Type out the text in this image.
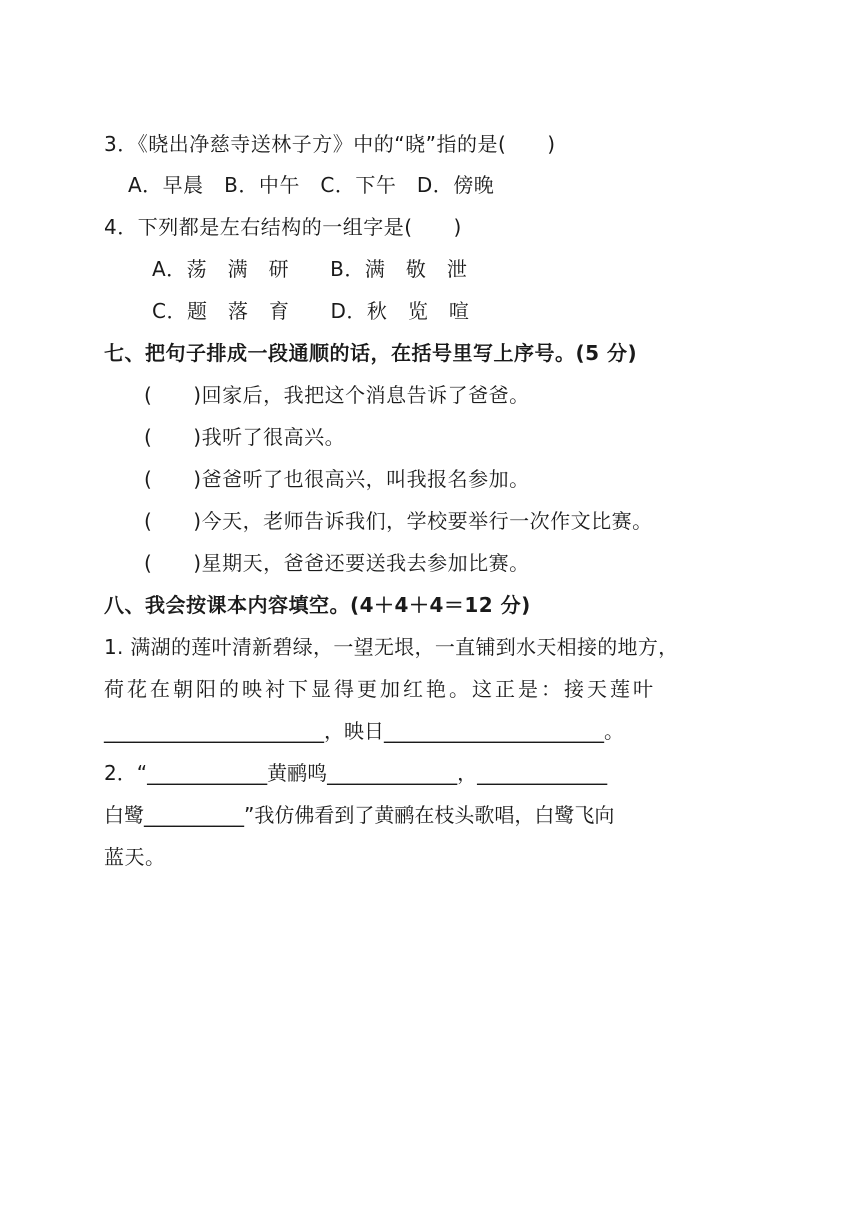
3．《晓出净慈寺送林子方》中的“晓”指的是(　　)
A．早晨　B．中午　C．下午　D．傍晚
4．下列都是左右结构的一组字是(　　)
A．荡　满　研　　B．满　敬　泄
C．题　落　育　　D．秋　览　喧
七、把句子排成一段通顺的话，在括号里写上序号。(5 分)
(　　)回家后，我把这个消息告诉了爸爸。
(　　)我听了很高兴。
(　　)爸爸听了也很高兴，叫我报名参加。
(　　)今天，老师告诉我们，学校要举行一次作文比赛。
(　　)星期天，爸爸还要送我去参加比赛。
八、我会按课本内容填空。(4＋4＋4＝12 分)
1. 满湖的莲叶清新碧绿，一望无垠，一直铺到水天相接的地方，
荷花在朝阳的映衬下显得更加红艳。这正是：接天莲叶
______________________，映日______________________。
2．“____________黄鹂鸣_____________，_____________
白鹭__________”我仿佛看到了黄鹂在枝头歌唱，白鹭飞向
蓝天。
